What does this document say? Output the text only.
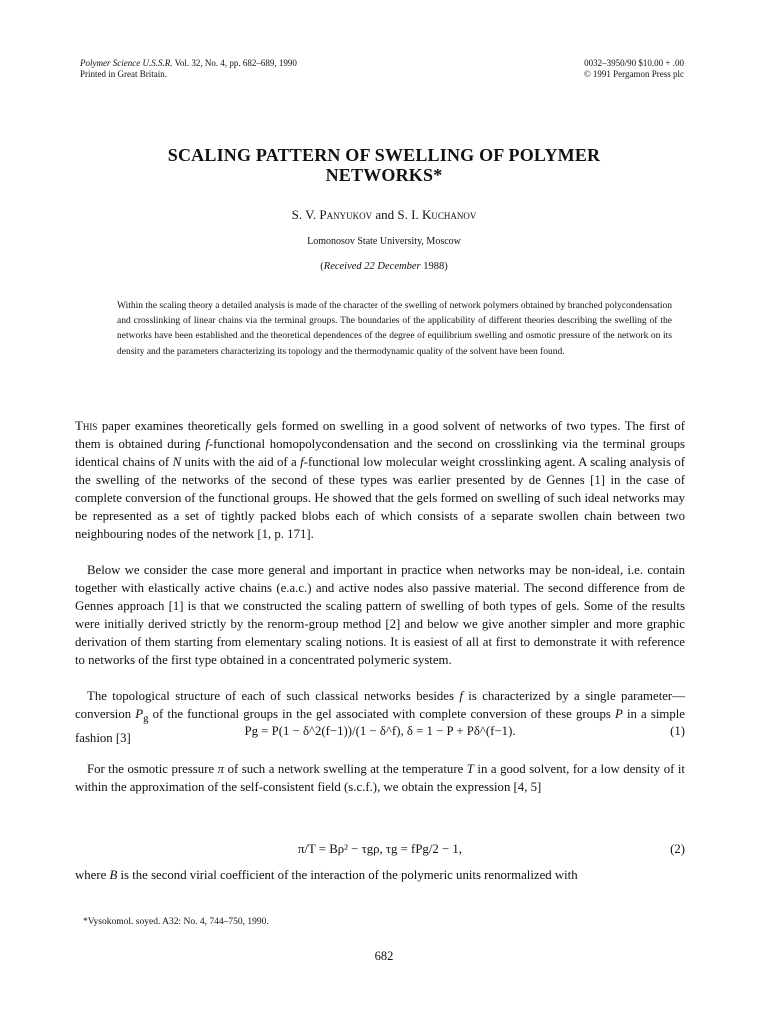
Polymer Science U.S.S.R. Vol. 32, No. 4, pp. 682–689, 1990
Printed in Great Britain.
0032–3950/90 $10.00 + .00
© 1991 Pergamon Press plc
SCALING PATTERN OF SWELLING OF POLYMER
NETWORKS*
S. V. Panyukov and S. I. Kuchanov
Lomonosov State University, Moscow
(Received 22 December 1988)
Within the scaling theory a detailed analysis is made of the character of the swelling of network polymers obtained by branched polycondensation and crosslinking of linear chains via the terminal groups. The boundaries of the applicability of different theories describing the swelling of the networks have been established and the theoretical dependences of the degree of equilibrium swelling and osmotic pressure of the network on its density and the parameters characterizing its topology and the thermodynamic quality of the solvent have been found.
This paper examines theoretically gels formed on swelling in a good solvent of networks of two types. The first of them is obtained during f-functional homopolycondensation and the second on crosslinking via the terminal groups identical chains of N units with the aid of a f-functional low molecular weight crosslinking agent. A scaling analysis of the swelling of the networks of the second of these types was earlier presented by de Gennes [1] in the case of complete conversion of the functional groups. He showed that the gels formed on swelling of such ideal networks may be represented as a set of tightly packed blobs each of which consists of a separate swollen chain between two neighbouring nodes of the network [1, p. 171].
Below we consider the case more general and important in practice when networks may be non-ideal, i.e. contain together with elastically active chains (e.a.c.) and active nodes also passive material. The second difference from de Gennes approach [1] is that we constructed the scaling pattern of swelling of both types of gels. Some of the results were initially derived strictly by the renorm-group method [2] and below we give another simpler and more graphic derivation of them starting from elementary scaling notions. It is easiest of all at first to demonstrate it with reference to networks of the first type obtained in a concentrated polymeric system.
The topological structure of each of such classical networks besides f is characterized by a single parameter—conversion $P_g$ of the functional groups in the gel associated with complete conversion of these groups P in a simple fashion [3]	Pg = P(1 − δ^2(f−1))/(1 − δ^f), δ = 1 − P + Pδ^(f−1).	(1)
For the osmotic pressure π of such a network swelling at the temperature T in a good solvent, for a low density of it within the approximation of the self-consistent field (s.c.f.), we obtain the expression [4, 5]
π/T = Bρ² − τgρ, τg = fPg/2 − 1,	(2)
where B is the second virial coefficient of the interaction of the polymeric units renormalized with
*Vysokomol. soyed. A32: No. 4, 744–750, 1990.
682
